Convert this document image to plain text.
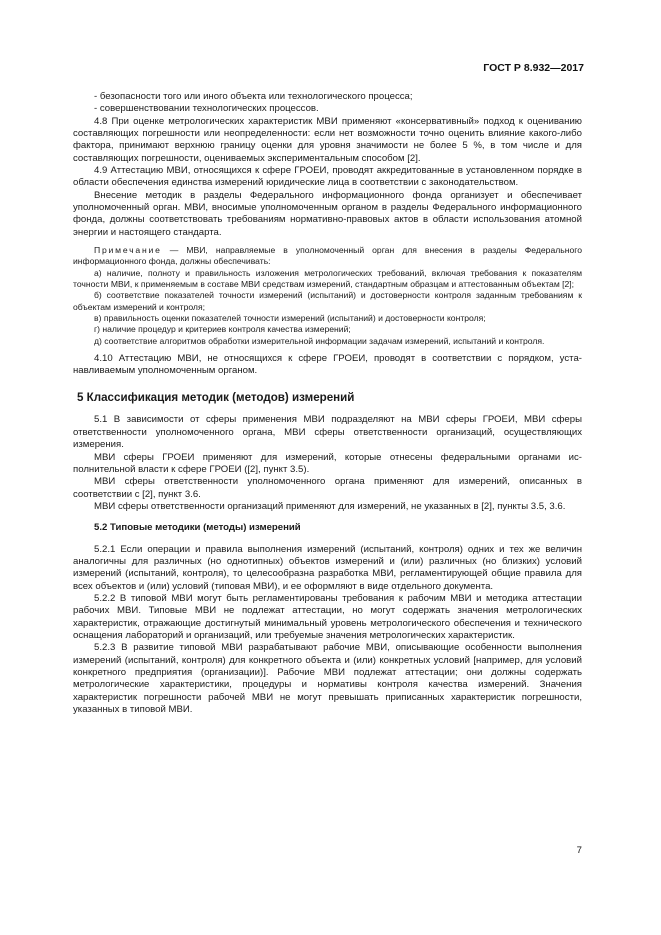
ГОСТ Р 8.932—2017

- безопасности того или иного объекта или технологического процесса;

- совершенствовании технологических процессов.

4.8 При оценке метрологических характеристик МВИ применяют «консервативный» подход к оцениванию составляющих погрешности или неопределенности: если нет возможности точно оценить влияние какого-либо фактора, принимают верхнюю границу оценки для уровня значимости не более 5 %, в том числе и для составляющих погрешности, оцениваемых экспериментальным способом [2].

4.9 Аттестацию МВИ, относящихся к сфере ГРОЕИ, проводят аккредитованные в установленном порядке в области обеспечения единства измерений юридические лица в соответствии с законодательством.

Внесение методик в разделы Федерального информационного фонда организует и обеспечивает уполномоченный орган. МВИ, вносимые уполномоченным органом в разделы Федерального информационного фонда, должны соответствовать требованиям нормативно-правовых актов в области использования атомной энергии и настоящего стандарта.

Примечание — МВИ, направляемые в уполномоченный орган для внесения в разделы Федерального информационного фонда, должны обеспечивать:

а) наличие, полноту и правильность изложения метрологических требований, включая требования к показателям точности МВИ, к применяемым в составе МВИ средствам измерений, стандартным образцам и аттестованным объектам [2];

б) соответствие показателей точности измерений (испытаний) и достоверности контроля заданным требованиям к объектам измерений и контроля;

в) правильность оценки показателей точности измерений (испытаний) и достоверности контроля;

г) наличие процедур и критериев контроля качества измерений;

д) соответствие алгоритмов обработки измерительной информации задачам измерений, испытаний и контроля.

4.10 Аттестацию МВИ, не относящихся к сфере ГРОЕИ, проводят в соответствии с порядком, устанавливаемым уполномоченным органом.

5 Классификация методик (методов) измерений

5.1 В зависимости от сферы применения МВИ подразделяют на МВИ сферы ГРОЕИ, МВИ сферы ответственности уполномоченного органа, МВИ сферы ответственности организаций, осуществляющих измерения.

МВИ сферы ГРОЕИ применяют для измерений, которые отнесены федеральными органами исполнительной власти к сфере ГРОЕИ ([2], пункт 3.5).

МВИ сферы ответственности уполномоченного органа применяют для измерений, описанных в соответствии с [2], пункт 3.6.

МВИ сферы ответственности организаций применяют для измерений, не указанных в [2], пункты 3.5, 3.6.

5.2 Типовые методики (методы) измерений

5.2.1 Если операции и правила выполнения измерений (испытаний, контроля) одних и тех же величин аналогичны для различных (но однотипных) объектов измерений и (или) различных (но близких) условий измерений (испытаний, контроля), то целесообразна разработка МВИ, регламентирующей общие правила для всех объектов и (или) условий (типовая МВИ), и ее оформляют в виде отдельного документа.

5.2.2 В типовой МВИ могут быть регламентированы требования к рабочим МВИ и методика аттестации рабочих МВИ. Типовые МВИ не подлежат аттестации, но могут содержать значения метрологических характеристик, отражающие достигнутый минимальный уровень метрологического обеспечения и технического оснащения лабораторий и организаций, или требуемые значения метрологических характеристик.

5.2.3 В развитие типовой МВИ разрабатывают рабочие МВИ, описывающие особенности выполнения измерений (испытаний, контроля) для конкретного объекта и (или) конкретных условий [например, для условий конкретного предприятия (организации)]. Рабочие МВИ подлежат аттестации; они должны содержать метрологические характеристики, процедуры и нормативы контроля качества измерений. Значения характеристик погрешности рабочей МВИ не могут превышать приписанных характеристик погрешности, указанных в типовой МВИ.

7
